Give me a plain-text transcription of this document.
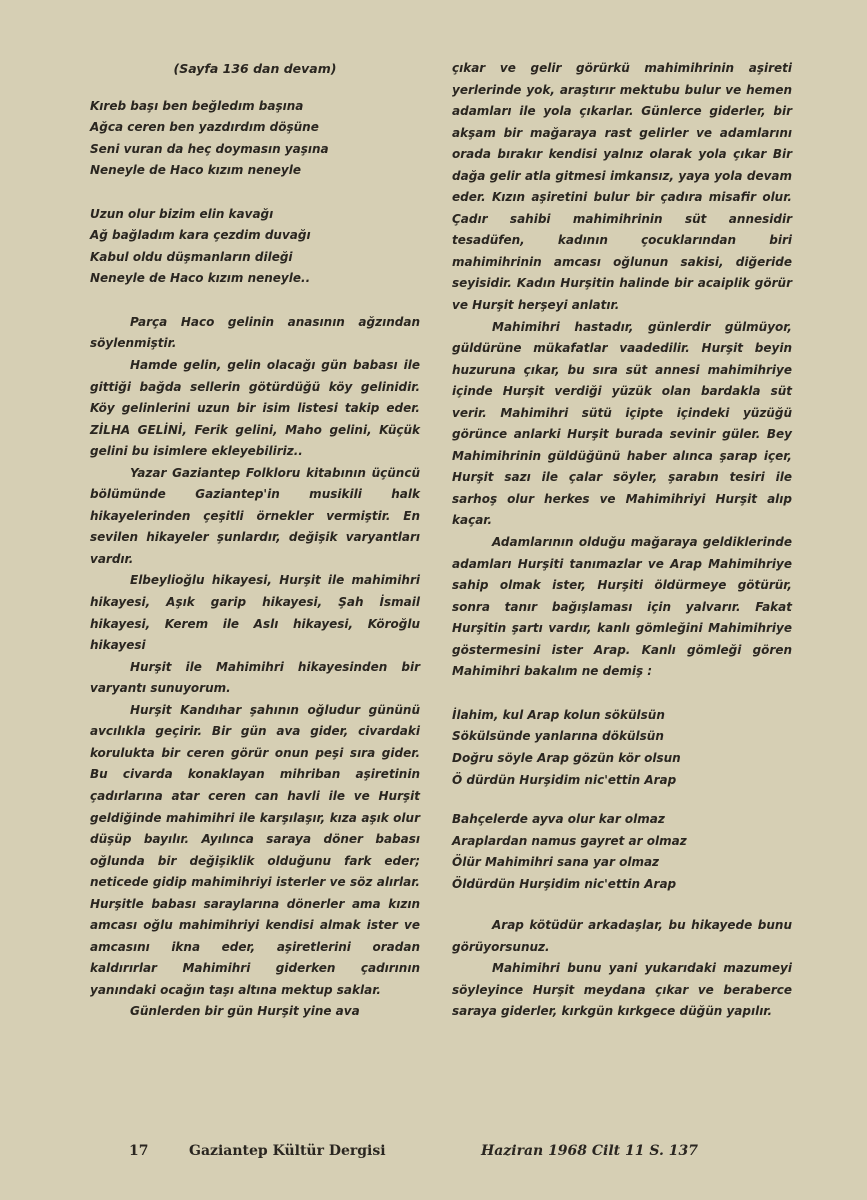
(Sayfa 136 dan devam)

Kıreb başı ben beğledım başına

Ağca ceren ben yazdırdım döşüne

Seni vuran da heç doymasın yaşına

Neneyle de Haco kızım neneyle

Uzun olur bizim elin kavağı

Ağ bağladım kara çezdim duvağı

Kabul oldu düşmanların dileği

Neneyle de Haco kızım neneyle..

Parça Haco gelinin anasının ağzından söylenmiştir.

Hamde gelin, gelin olacağı gün babası ile gittiği bağda sellerin götürdüğü köy gelinidir. Köy gelinlerini uzun bir isim listesi takip eder. ZİLHA GELİNİ, Ferik gelini, Maho gelini, Küçük gelini bu isimlere ekleyebiliriz..

Yazar Gaziantep Folkloru kitabının üçüncü bölümünde Gaziantep'in musikili halk hikayelerinden çeşitli örnekler vermiştir. En sevilen hikayeler şunlardır, değişik varyantları vardır.

Elbeylioğlu hikayesi, Hurşit ile mahimihri hikayesi, Aşık garip hikayesi, Şah İsmail hikayesi, Kerem ile Aslı hikayesi, Köroğlu hikayesi

Hurşit ile Mahimihri hikayesinden bir varyantı sunuyorum.

Hurşit Kandıhar şahının oğludur gününü avcılıkla geçirir. Bir gün ava gider, civardaki korulukta bir ceren görür onun peşi sıra gider. Bu civarda konaklayan mihriban aşiretinin çadırlarına atar ceren can havli ile ve Hurşit geldiğinde mahimihri ile karşılaşır, kıza aşık olur düşüp bayılır. Ayılınca saraya döner babası oğlunda bir değişiklik olduğunu fark eder; neticede gidip mahimihriyi isterler ve söz alırlar. Hurşitle babası saraylarına dönerler ama kızın amcası oğlu mahimihriyi kendisi almak ister ve amcasını ikna eder, aşiretlerini oradan kaldırırlar Mahimihri giderken çadırının yanındaki ocağın taşı altına mektup saklar.

Günlerden bir gün Hurşit yine ava

çıkar ve gelir görürkü mahimihrinin aşireti yerlerinde yok, araştırır mektubu bulur ve hemen adamları ile yola çıkarlar. Günlerce giderler, bir akşam bir mağaraya rast gelirler ve adamlarını orada bırakır kendisi yalnız olarak yola çıkar Bir dağa gelir atla gitmesi imkansız, yaya yola devam eder. Kızın aşiretini bulur bir çadıra misafir olur. Çadır sahibi mahimihrinin süt annesidir tesadüfen, kadının çocuklarından biri mahimihrinin amcası oğlunun sakisi, diğeride seyisidir. Kadın Hurşitin halinde bir acaiplik görür ve Hurşit herşeyi anlatır.

Mahimihri hastadır, günlerdir gülmüyor, güldürüne mükafatlar vaadedilir. Hurşit beyin huzuruna çıkar, bu sıra süt annesi mahimihriye içinde Hurşit verdiği yüzük olan bardakla süt verir. Mahimihri sütü içipte içindeki yüzüğü görünce anlarki Hurşit burada sevinir güler. Bey Mahimihrinin güldüğünü haber alınca şarap içer, Hurşit sazı ile çalar söyler, şarabın tesiri ile sarhoş olur herkes ve Mahimihriyi Hurşit alıp kaçar.

Adamlarının olduğu mağaraya geldiklerinde adamları Hurşiti tanımazlar ve Arap Mahimihriye sahip olmak ister, Hurşiti öldürmeye götürür, sonra tanır bağışlaması için yalvarır. Fakat Hurşitin şartı vardır, kanlı gömleğini Mahimihriye göstermesini ister Arap. Kanlı gömleği gören Mahimihri bakalım ne demiş :

İlahim, kul Arap kolun sökülsün

Sökülsünde yanlarına dökülsün

Doğru söyle Arap gözün kör olsun

Ö dürdün Hurşidim nic'ettin Arap

Bahçelerde ayva olur kar olmaz

Araplardan namus gayret ar olmaz

Ölür Mahimihri sana yar olmaz

Öldürdün Hurşidim nic'ettin Arap

Arap kötüdür arkadaşlar, bu hikayede bunu görüyorsunuz.

Mahimihri bunu yani yukarıdaki mazumeyi söyleyince Hurşit meydana çıkar ve beraberce saraya giderler, kırkgün kırkgece düğün yapılır.

17	Gaziantep Kültür Dergisi	Haziran 1968 Cilt 11 S. 137
